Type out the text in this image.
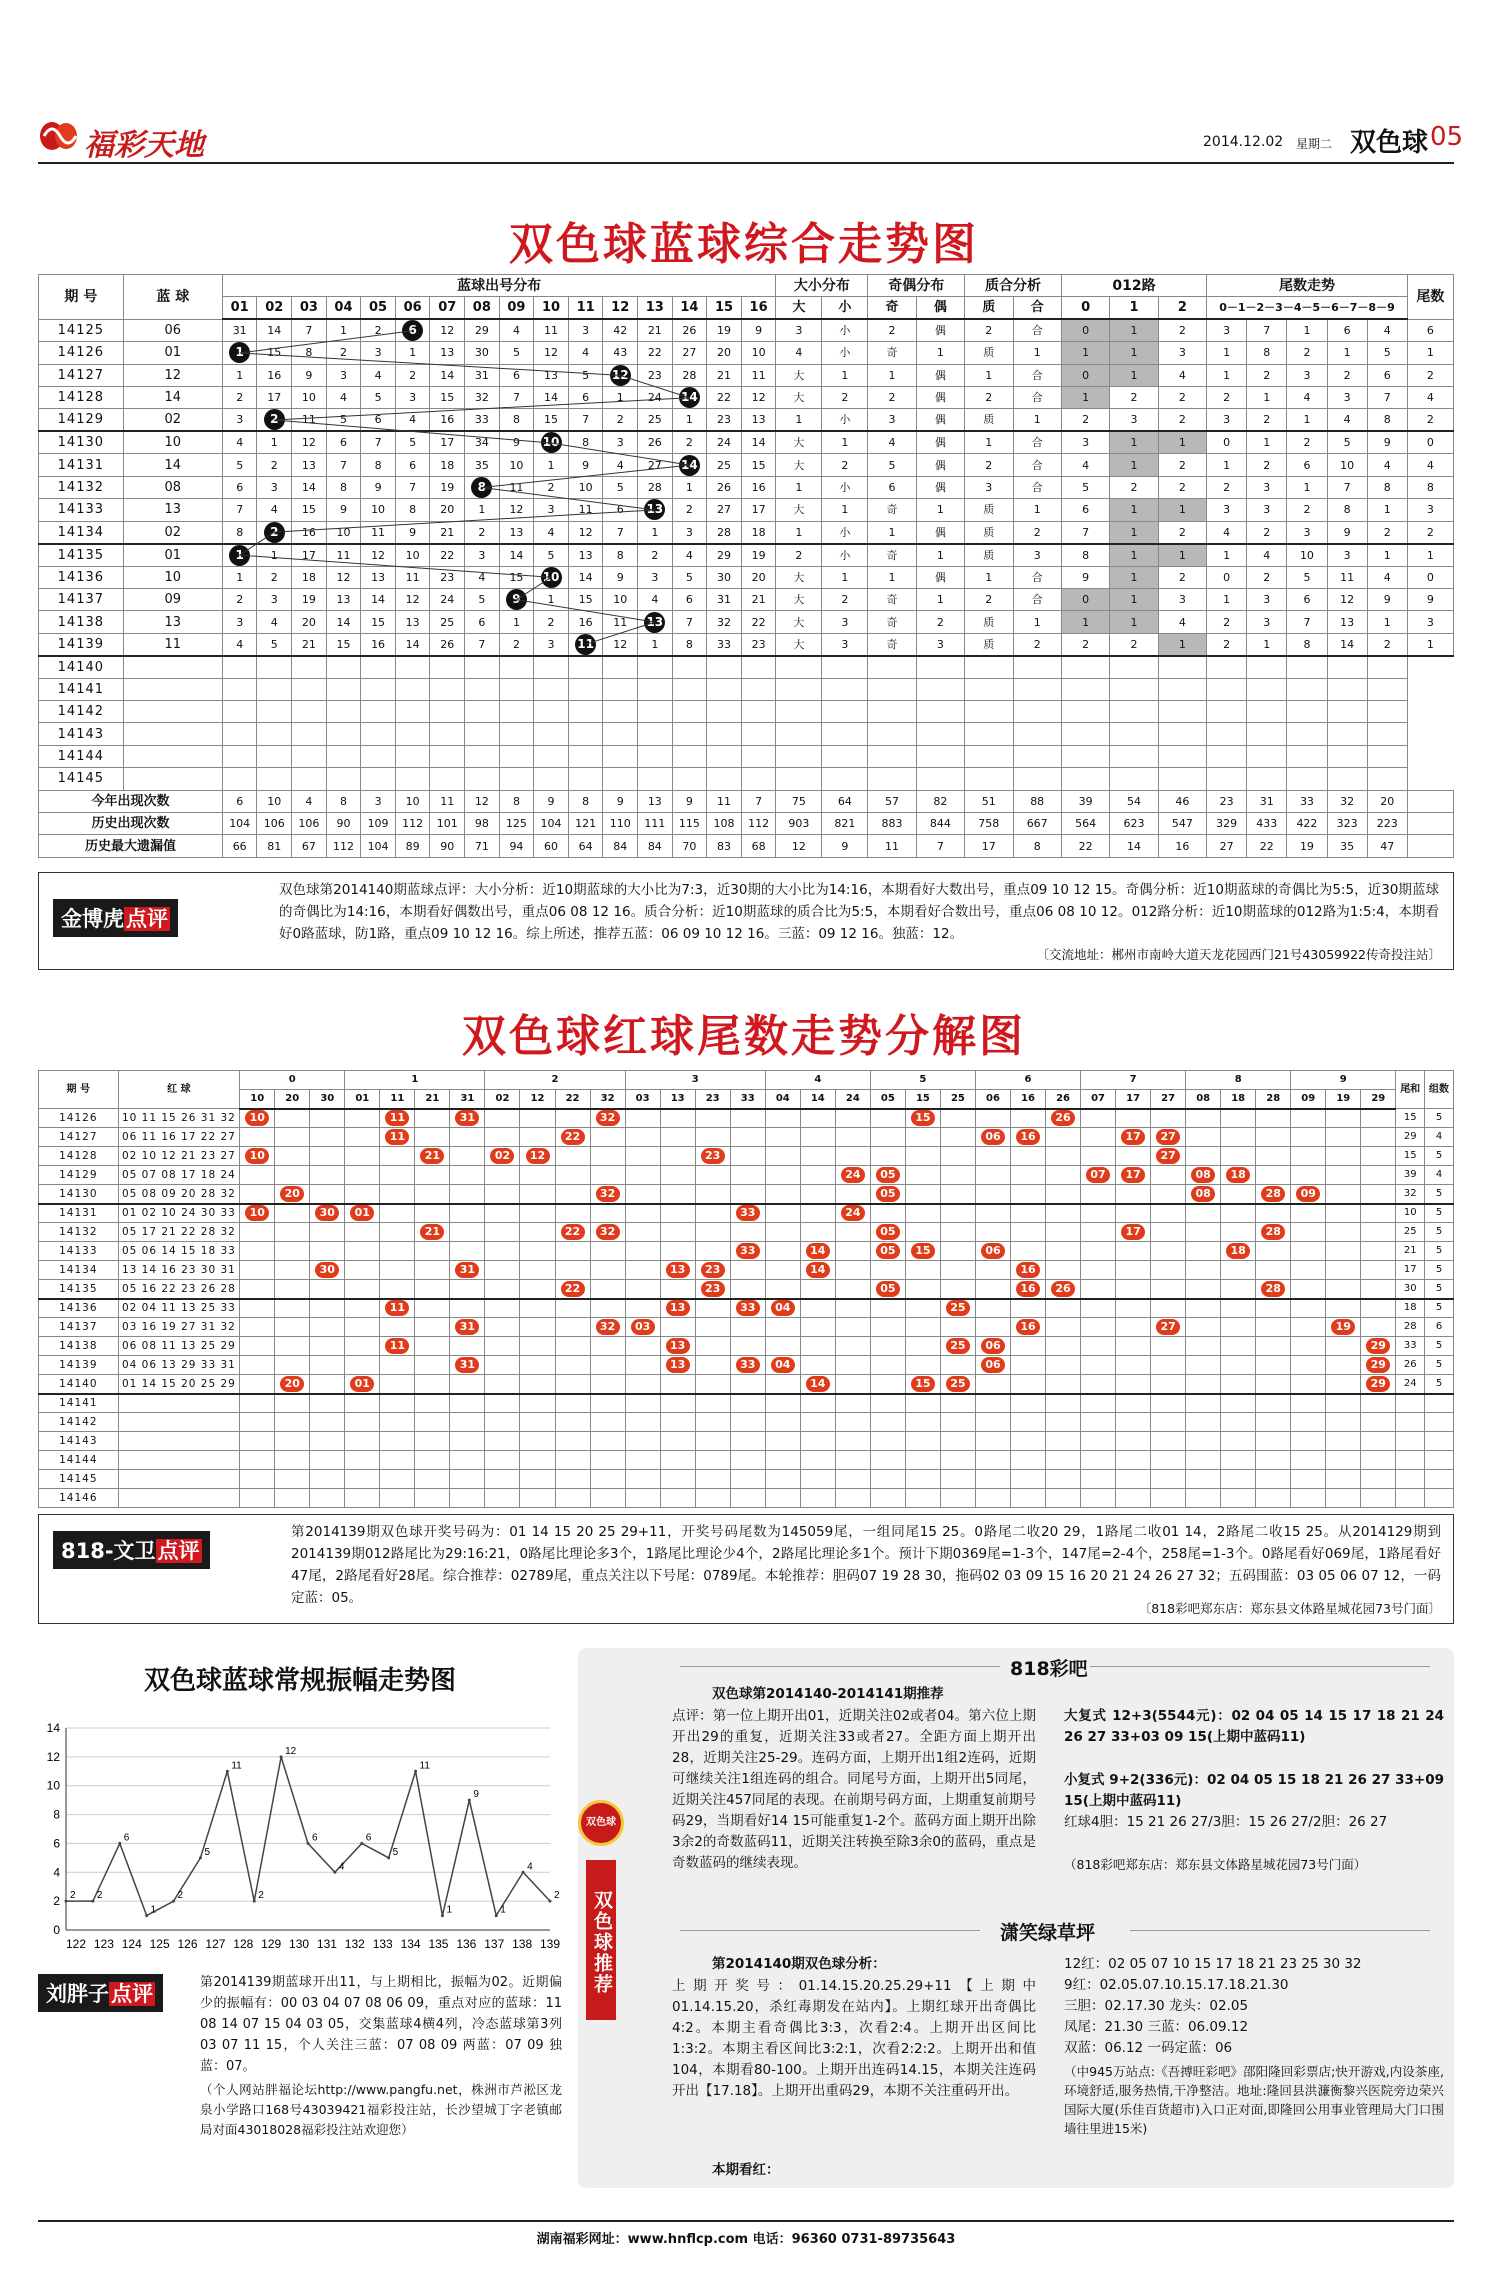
福彩天地	2014.12.02 星期二 双色球 05
双色球蓝球综合走势图
期 号	蓝 球	蓝球出号分布																大小分布		奇偶分布		质合分析		012路			尾数走势					尾数
		01	02	03	04	05	06	07	08	09	10	11	12	13	14	15	16	大	小	奇	偶	质	合	0	1	2	0－1－2－3－4－5－6－7－8－9					
14125	06	31	14	7	1	2	6	12	29	4	11	3	42	21	26	19	9	3	小	2	偶	2	合	0	1	2	3	7	1	6	4	6
14126	01	1	15	8	2	3	1	13	30	5	12	4	43	22	27	20	10	4	小	奇	1	质	1	1	1	3	1	8	2	1	5	1
14127	12	1	16	9	3	4	2	14	31	6	13	5	12	23	28	21	11	大	1	1	偶	1	合	0	1	4	1	2	3	2	6	2
14128	14	2	17	10	4	5	3	15	32	7	14	6	1	24	14	22	12	大	2	2	偶	2	合	1	2	2	2	1	4	3	7	4
14129	02	3	2	11	5	6	4	16	33	8	15	7	2	25	1	23	13	1	小	3	偶	质	1	2	3	2	3	2	1	4	8	2
14130	10	4	1	12	6	7	5	17	34	9	10	8	3	26	2	24	14	大	1	4	偶	1	合	3	1	1	0	1	2	5	9	0
14131	14	5	2	13	7	8	6	18	35	10	1	9	4	27	14	25	15	大	2	5	偶	2	合	4	1	2	1	2	6	10	4	4
14132	08	6	3	14	8	9	7	19	8	11	2	10	5	28	1	26	16	1	小	6	偶	3	合	5	2	2	2	3	1	7	8	8
14133	13	7	4	15	9	10	8	20	1	12	3	11	6	13	2	27	17	大	1	奇	1	质	1	6	1	1	3	3	2	8	1	3
14134	02	8	2	16	10	11	9	21	2	13	4	12	7	1	3	28	18	1	小	1	偶	质	2	7	1	2	4	2	3	9	2	2
14135	01	1	1	17	11	12	10	22	3	14	5	13	8	2	4	29	19	2	小	奇	1	质	3	8	1	1	1	4	10	3	1	1
14136	10	1	2	18	12	13	11	23	4	15	10	14	9	3	5	30	20	大	1	1	偶	1	合	9	1	2	0	2	5	11	4	0
14137	09	2	3	19	13	14	12	24	5	9	1	15	10	4	6	31	21	大	2	奇	1	2	合	0	1	3	1	3	6	12	9	9
14138	13	3	4	20	14	15	13	25	6	1	2	16	11	13	7	32	22	大	3	奇	2	质	1	1	1	4	2	3	7	13	1	3
14139	11	4	5	21	15	16	14	26	7	2	3	11	12	1	8	33	23	大	3	奇	3	质	2	2	2	1	2	1	8	14	2	1
14140																																
14141																																
14142																																
14143																																
14144																																
14145																																
今年出现次数		6	10	4	8	3	10	11	12	8	9	8	9	13	9	11	7	75	64	57	82	51	88	39	54	46	23	31	33	32	20	
历史出现次数		104	106	106	90	109	112	101	98	125	104	121	110	111	115	108	112	903	821	883	844	758	667	564	623	547	329	433	422	323	223	
历史最大遗漏值		66	81	67	112	104	89	90	71	94	60	64	84	84	70	83	68	12	9	11	7	17	8	22	14	16	27	22	19	35	47	
金博虎点评
双色球第2014140期蓝球点评：大小分析：近10期蓝球的大小比为7:3，近30期的大小比为14:16，本期看好大数出号，重点09 10 12 15。奇偶分析：近10期蓝球的奇偶比为5:5，近30期蓝球的奇偶比为14:16，本期看好偶数出号，重点06 08 12 16。质合分析：近10期蓝球的质合比为5:5，本期看好合数出号，重点06 08 10 12。012路分析：近10期蓝球的012路为1:5:4，本期看好0路蓝球，防1路，重点09 10 12 16。综上所述，推荐五蓝：06 09 10 12 16。三蓝：09 12 16。独蓝：12。
〔交流地址：郴州市南岭大道天龙花园西门21号43059922传奇投注站〕
双色球红球尾数走势分解图
期 号	红 球	0			1				2				3				4			5			6			7			8			9			尾和	组数
		10	20	30	01	11	21	31	02	12	22	32	03	13	23	33	04	14	24	05	15	25	06	16	26	07	17	27	08	18	28	09	19	29		
14126	10 11 15 26 31 32	10				11		31				32									15				26										15	5
14127	06 11 16 17 22 27					11					22												06	16			17	27							29	4
14128	02 10 12 21 23 27	10					21		02	12					23													27							15	5
14129	05 07 08 17 18 24																		24	05						07	17		08	18					39	4
14130	05 08 09 20 28 32		20									32								05									08		28	09			32	5
14131	01 02 10 24 30 33	10		30	01											33			24																10	5
14132	05 17 21 22 28 32						21				22	32								05							17				28				25	5
14133	05 06 14 15 18 33															33		14		05	15		06							18					21	5
14134	13 14 16 23 30 31			30				31						13	23			14						16											17	5
14135	05 16 22 23 26 28										22				23					05				16	26						28				30	5
14136	02 04 11 13 25 33					11								13		33	04					25													18	5
14137	03 16 19 27 31 32							31				32	03											16				27					19		28	6
14138	06 08 11 13 25 29					11								13								25	06											29	33	5
14139	04 06 13 29 33 31							31						13		33	04						06											29	26	5
14140	01 14 15 20 25 29		20		01													14			15	25												29	24	5
14141																																				
14142																																				
14143																																				
14144																																				
14145																																				
14146																																				
818-文卫点评
第2014139期双色球开奖号码为：01 14 15 20 25 29+11，开奖号码尾数为145059尾，一组同尾15 25。0路尾二收20 29，1路尾二收01 14，2路尾二收15 25。从2014129期到2014139期012路尾比为29:16:21，0路尾比理论多3个，1路尾比理论少4个，2路尾比理论多1个。预计下期0369尾=1-3个，147尾=2-4个，258尾=1-3个。0路尾看好069尾，1路尾看好47尾，2路尾看好28尾。综合推荐：02789尾，重点关注以下号尾：0789尾。本轮推荐：胆码07 19 28 30，拖码02 03 09 15 16 20 21 24 26 27 32；五码围蓝：03 05 06 07 12，一码定蓝：05。
〔818彩吧郑东店：郑东县文体路星城花园73号门面〕
双色球蓝球常规振幅走势图
0
2
4
6
8
10
12
14
122 123 124 125 126 127 128 129 130 131 132 133 134 135 136 137 138 139
2 2
6
1
2
5
11
2
12
6
4
6
5
11
1
9
1
4
2
刘胖子点评	第2014139期蓝球开出11，与上期相比，振幅为02。近期偏少的振幅有：00 03 04 07 08 06 09，重点对应的蓝球：11 08 14 07 15 04 03 05，交集蓝球4横4列，冷态蓝球第3列 03 07 11 15，个人关注三蓝：07 08 09 两蓝：07 09 独蓝：07。
（个人网站胖福论坛http://www.pangfu.net，株洲市芦淞区龙泉小学路口168号43039421福彩投注站，长沙望城丁字老镇邮局对面43018028福彩投注站欢迎您）
818彩吧
双色球第2014140-2014141期推荐
点评：第一位上期开出01，近期关注02或者04。第六位上期开出29的重复，近期关注33或者27。全距方面上期开出28，近期关注25-29。连码方面，上期开出1组2连码，近期可继续关注1组连码的组合。同尾号方面，上期开出5同尾，近期关注457同尾的表现。在前期号码方面，上期重复前期号码29，当期看好14 15可能重复1-2个。蓝码方面上期开出除3余2的奇数蓝码11，近期关注转换至除3余0的蓝码，重点是奇数蓝码的继续表现。
大复式 12+3(5544元)：02 04 05 14 15 17 18 21 24 26 27 33+03 09 15(上期中蓝码11)
小复式 9+2(336元)：02 04 05 15 18 21 26 27 33+09 15(上期中蓝码11)
红球4胆：15 21 26 27/3胆：15 26 27/2胆：26 27
（818彩吧郑东店：郑东县文体路星城花园73号门面）
双色球
双色球推荐	潇笑绿草坪
第2014140期双色球分析：
上期开奖号：01.14.15.20.25.29+11【上期中01.14.15.20，杀红毒期发在站内】。上期红球开出奇偶比4:2。本期主看奇偶比3:3，次看2:4。上期开出区间比1:3:2。本期主看区间比3:2:1，次看2:2:2。上期开出和值104，本期看80-100。上期开出连码14.15，本期关注连码开出【17.18】。上期开出重码29，本期不关注重码开出。
本期看红：
12红：02 05 07 10 15 17 18 21 23 25 30 32
9红：02.05.07.10.15.17.18.21.30
三胆：02.17.30 龙头：02.05
凤尾：21.30 三蓝：06.09.12
双蓝：06.12 一码定蓝：06
（中945万站点:《吾搏旺彩吧》邵阳隆回彩票店;快开游戏,内设茶座,环境舒适,服务热情,干净整洁。地址:隆回县洪濂衡黎兴医院旁边荣兴国际大厦(乐佳百货超市)入口正对面,即隆回公用事业管理局大门口围墙往里进15米)
湖南福彩网址：www.hnflcp.com 电话：96360 0731-89735643
